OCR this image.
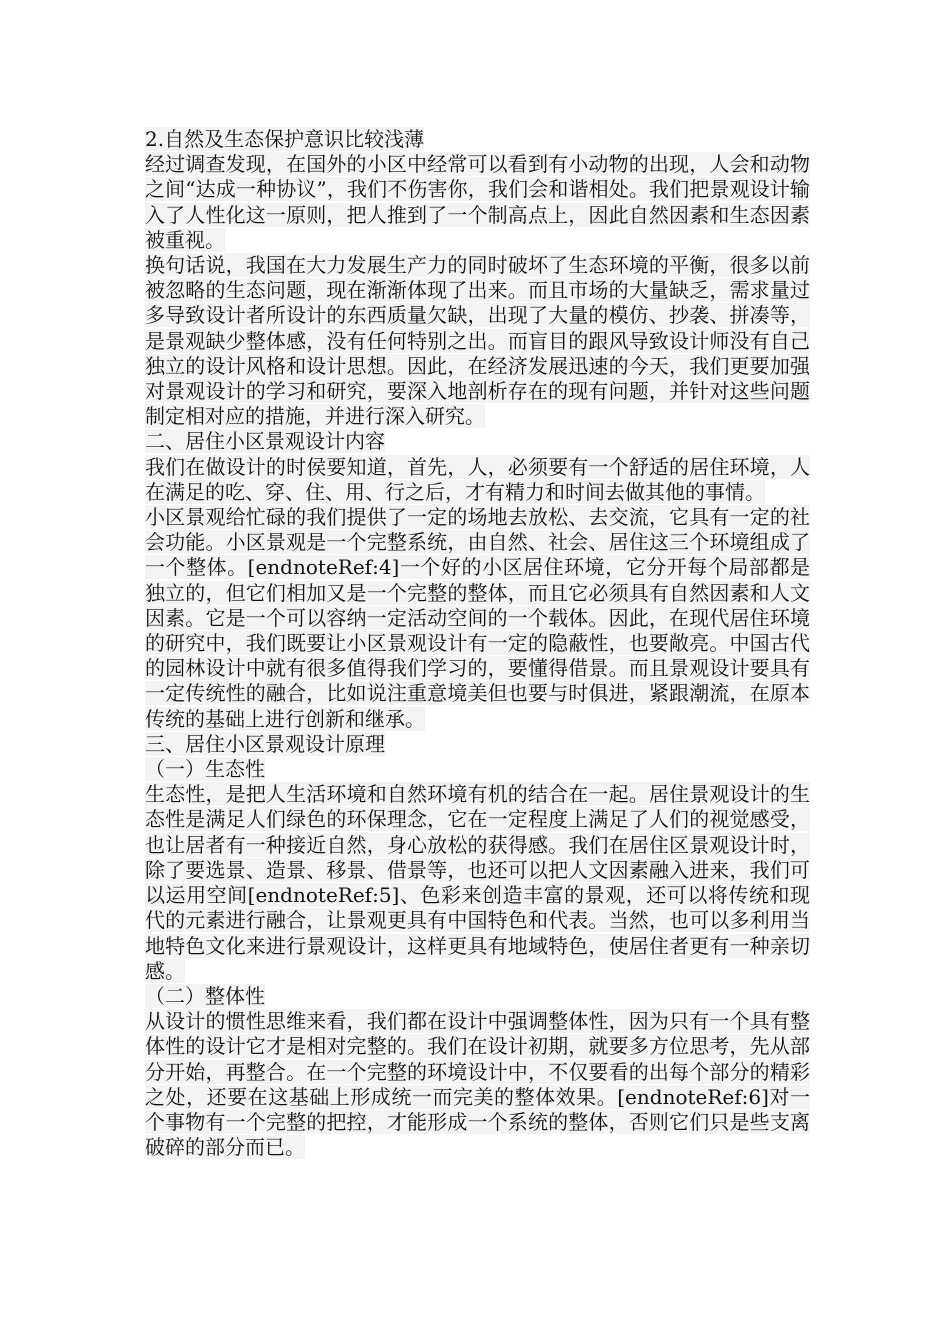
2.自然及生态保护意识比较浅薄

经过调查发现，在国外的小区中经常可以看到有小动物的出现，人会和动物之间“达成一种协议”，我们不伤害你，我们会和谐相处。我们把景观设计输入了人性化这一原则，把人推到了一个制高点上，因此自然因素和生态因素被重视。

换句话说，我国在大力发展生产力的同时破坏了生态环境的平衡，很多以前被忽略的生态问题，现在渐渐体现了出来。而且市场的大量缺乏，需求量过多导致设计者所设计的东西质量欠缺，出现了大量的模仿、抄袭、拼凑等，是景观缺少整体感，没有任何特别之出。而盲目的跟风导致设计师没有自己独立的设计风格和设计思想。因此，在经济发展迅速的今天，我们更要加强对景观设计的学习和研究，要深入地剖析存在的现有问题，并针对这些问题制定相对应的措施，并进行深入研究。

二、居住小区景观设计内容

我们在做设计的时侯要知道，首先，人，必须要有一个舒适的居住环境，人在满足的吃、穿、住、用、行之后，才有精力和时间去做其他的事情。

小区景观给忙碌的我们提供了一定的场地去放松、去交流，它具有一定的社会功能。小区景观是一个完整系统，由自然、社会、居住这三个环境组成了一个整体。[endnoteRef:4]一个好的小区居住环境，它分开每个局部都是独立的，但它们相加又是一个完整的整体，而且它必须具有自然因素和人文因素。它是一个可以容纳一定活动空间的一个载体。因此，在现代居住环境的研究中，我们既要让小区景观设计有一定的隐蔽性，也要敞亮。中国古代的园林设计中就有很多值得我们学习的，要懂得借景。而且景观设计要具有一定传统性的融合，比如说注重意境美但也要与时俱进，紧跟潮流，在原本传统的基础上进行创新和继承。

三、居住小区景观设计原理

（一）生态性

生态性，是把人生活环境和自然环境有机的结合在一起。居住景观设计的生态性是满足人们绿色的环保理念，它在一定程度上满足了人们的视觉感受，也让居者有一种接近自然，身心放松的获得感。我们在居住区景观设计时，除了要选景、造景、移景、借景等，也还可以把人文因素融入进来，我们可以运用空间[endnoteRef:5]、色彩来创造丰富的景观，还可以将传统和现代的元素进行融合，让景观更具有中国特色和代表。当然，也可以多利用当地特色文化来进行景观设计，这样更具有地域特色，使居住者更有一种亲切感。

（二）整体性

从设计的惯性思维来看，我们都在设计中强调整体性，因为只有一个具有整体性的设计它才是相对完整的。我们在设计初期，就要多方位思考，先从部分开始，再整合。在一个完整的环境设计中，不仅要看的出每个部分的精彩之处，还要在这基础上形成统一而完美的整体效果。[endnoteRef:6]对一个事物有一个完整的把控，才能形成一个系统的整体，否则它们只是些支离破碎的部分而已。
